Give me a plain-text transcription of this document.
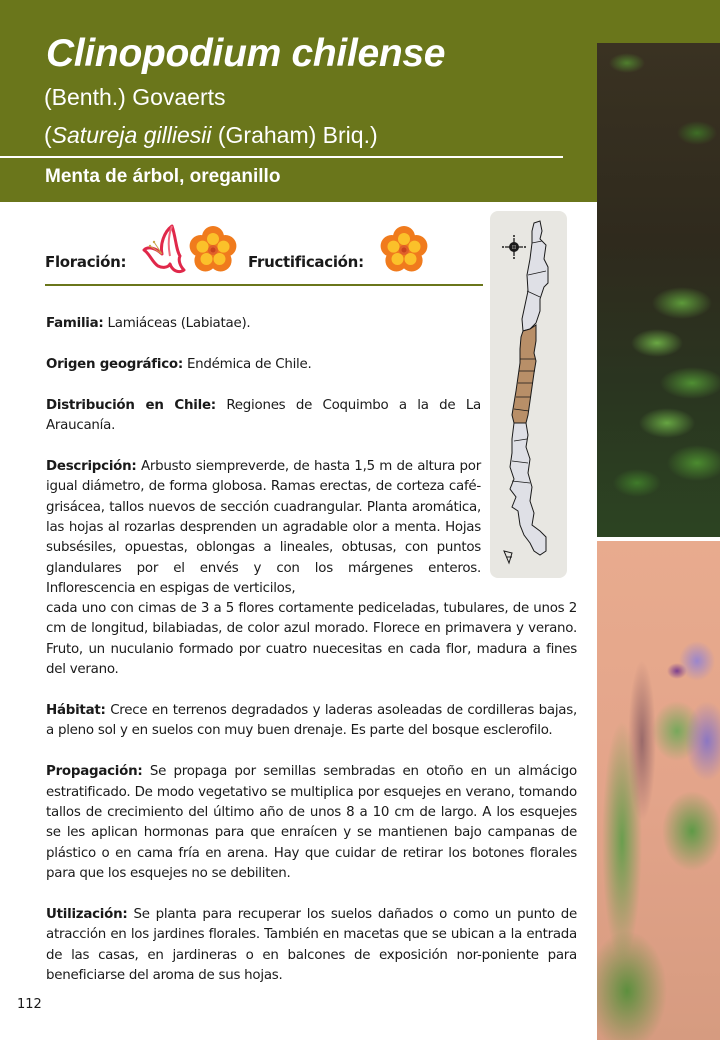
Clinopodium chilense
(Benth.) Govaerts
(Satureja gilliesii (Graham) Briq.)
Menta de árbol, oreganillo
Floración:	Fructificación:

Familia: Lamiáceas (Labiatae).

Origen geográfico: Endémica de Chile.

Distribución en Chile: Regiones de Coquimbo a la de La Araucanía.

Descripción: Arbusto siempreverde, de hasta 1,5 m de altura por igual diámetro, de forma globosa. Ramas erectas, de corteza café-grisácea, tallos nuevos de sección cuadrangular. Planta aromática, las hojas al rozarlas desprenden un agradable olor a menta. Hojas subsésiles, opuestas, oblongas a lineales, obtusas, con puntos glandulares por el envés y con los márgenes enteros. Inflorescencia en espigas de verticilos,

cada uno con cimas de 3 a 5 flores cortamente pediceladas, tubulares, de unos 2 cm de longitud, bilabiadas, de color azul morado. Florece en primavera y verano. Fruto, un nuculanio formado por cuatro nuecesitas en cada flor, madura a fines del verano.

Hábitat: Crece en terrenos degradados y laderas asoleadas de cordilleras bajas, a pleno sol y en suelos con muy buen drenaje. Es parte del bosque esclerofilo.

Propagación: Se propaga por semillas sembradas en otoño en un almácigo estratificado. De modo vegetativo se multiplica por esquejes en verano, tomando tallos de crecimiento del último año de unos 8 a 10 cm de largo. A los esquejes se les aplican hormonas para que enraícen y se mantienen bajo campanas de plástico o en cama fría en arena. Hay que cuidar de retirar los botones florales para que los esquejes no se debiliten.

Utilización: Se planta para recuperar los suelos dañados o como un punto de atracción en los jardines florales. También en macetas que se ubican a la entrada de las casas, en jardineras o en balcones de exposición nor-poniente para beneficiarse del aroma de sus hojas.

112
